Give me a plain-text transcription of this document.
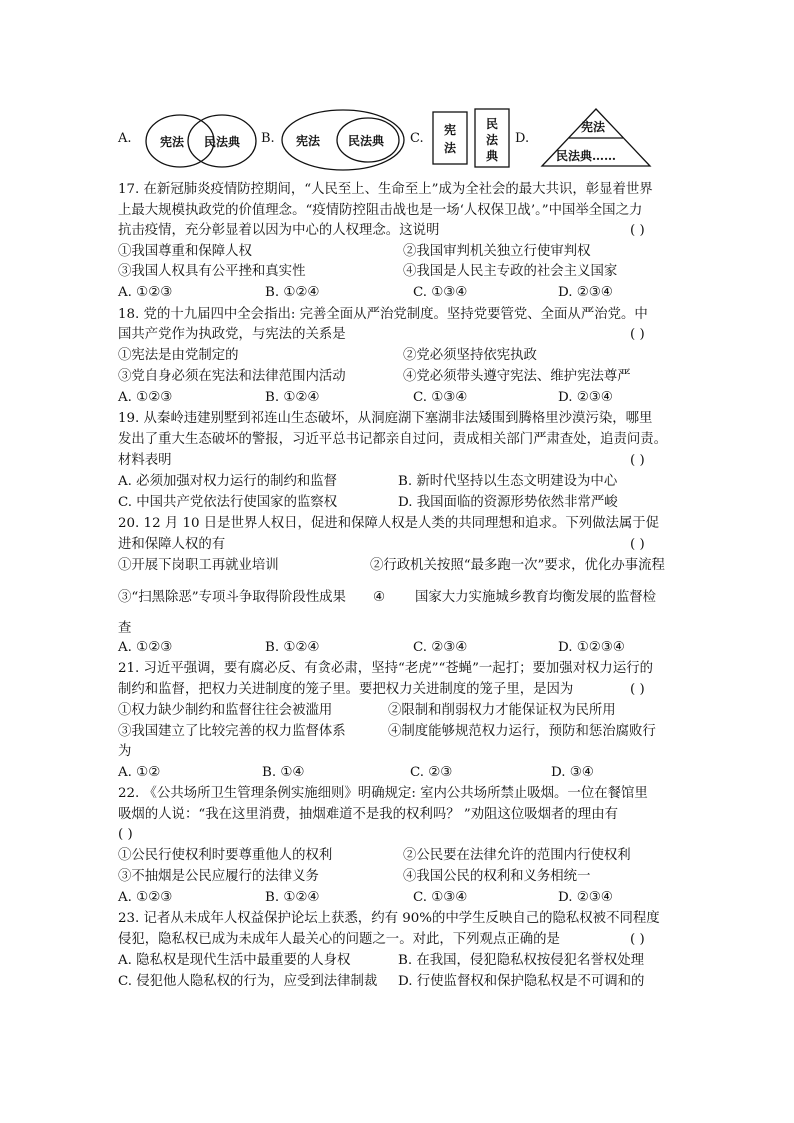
A. 宪法 民法典 B. 宪法 民法典 C.
宪
法
民
法
典
D.
宪法
民法典……
17. 在新冠肺炎疫情防控期间，“人民至上、生命至上”成为全社会的最大共识，彰显着世界
上最大规模执政党的价值理念。“疫情防控阻击战也是一场‘人权保卫战’。”中国举全国之力
抗击疫情，充分彰显着以因为中心的人权理念。这说明	( )
①我国尊重和保障人权	②我国审判机关独立行使审判权
③我国人权具有公平挫和真实性	④我国是人民主专政的社会主义国家
A. ①②③	B. ①②④	C. ①③④	D. ②③④
18. 党的十九届四中全会指出: 完善全面从严治党制度。坚持党要管党、全面从严治党。中
国共产党作为执政党，与宪法的关系是	( )
①宪法是由党制定的	②党必须坚持依宪执政
③党自身必须在宪法和法律范围内活动	④党必须带头遵守宪法、维护宪法尊严
A. ①②③	B. ①②④	C. ①③④	D. ②③④
19. 从秦岭违建别墅到祁连山生态破坏，从洞庭湖下塞湖非法矮围到腾格里沙漠污染，哪里
发出了重大生态破坏的警报，习近平总书记都亲自过问，责成相关部门严肃查处，追责问责。
材料表明	( )
A. 必须加强对权力运行的制约和监督	B. 新时代坚持以生态文明建设为中心
C. 中国共产党依法行使国家的监察权	D. 我国面临的资源形势依然非常严峻
20. 12 月 10 日是世界人权日，促进和保障人权是人类的共同理想和追求。下列做法属于促
进和保障人权的有	( )
①开展下岗职工再就业培训	②行政机关按照“最多跑一次”要求，优化办事流程
③“扫黑除恶”专项斗争取得阶段性成果 ④ 国家大力实施城乡教育均衡发展的监督检
查
A. ①②③	B. ①②④	C. ②③④	D. ①②③④
21. 习近平强调，要有腐必反、有贪必肃，坚持“老虎”“苍蝇”一起打；要加强对权力运行的
制约和监督，把权力关进制度的笼子里。要把权力关进制度的笼子里，是因为	( )
①权力缺少制约和监督往往会被滥用	②限制和削弱权力才能保证权为民所用
③我国建立了比较完善的权力监督体系	④制度能够规范权力运行，预防和惩治腐败行
为
A. ①②	B. ①④	C. ②③	D. ③④
22. 《公共场所卫生管理条例实施细则》明确规定: 室内公共场所禁止吸烟。一位在餐馆里
吸烟的人说：“我在这里消费，抽烟难道不是我的权利吗？ ”劝阻这位吸烟者的理由有
( )
①公民行使权利时要尊重他人的权利	②公民要在法律允许的范围内行使权利
③不抽烟是公民应履行的法律义务	④我国公民的权利和义务相统一
A. ①②③	B. ①②④	C. ①③④	D. ②③④
23. 记者从未成年人权益保护论坛上获悉，约有 90%的中学生反映自己的隐私权被不同程度
侵犯，隐私权已成为未成年人最关心的问题之一。对此，下列观点正确的是	( )
A. 隐私权是现代生活中最重要的人身权	B. 在我国，侵犯隐私权按侵犯名誉权处理
C. 侵犯他人隐私权的行为，应受到法律制裁 D. 行使监督权和保护隐私权是不可调和的
